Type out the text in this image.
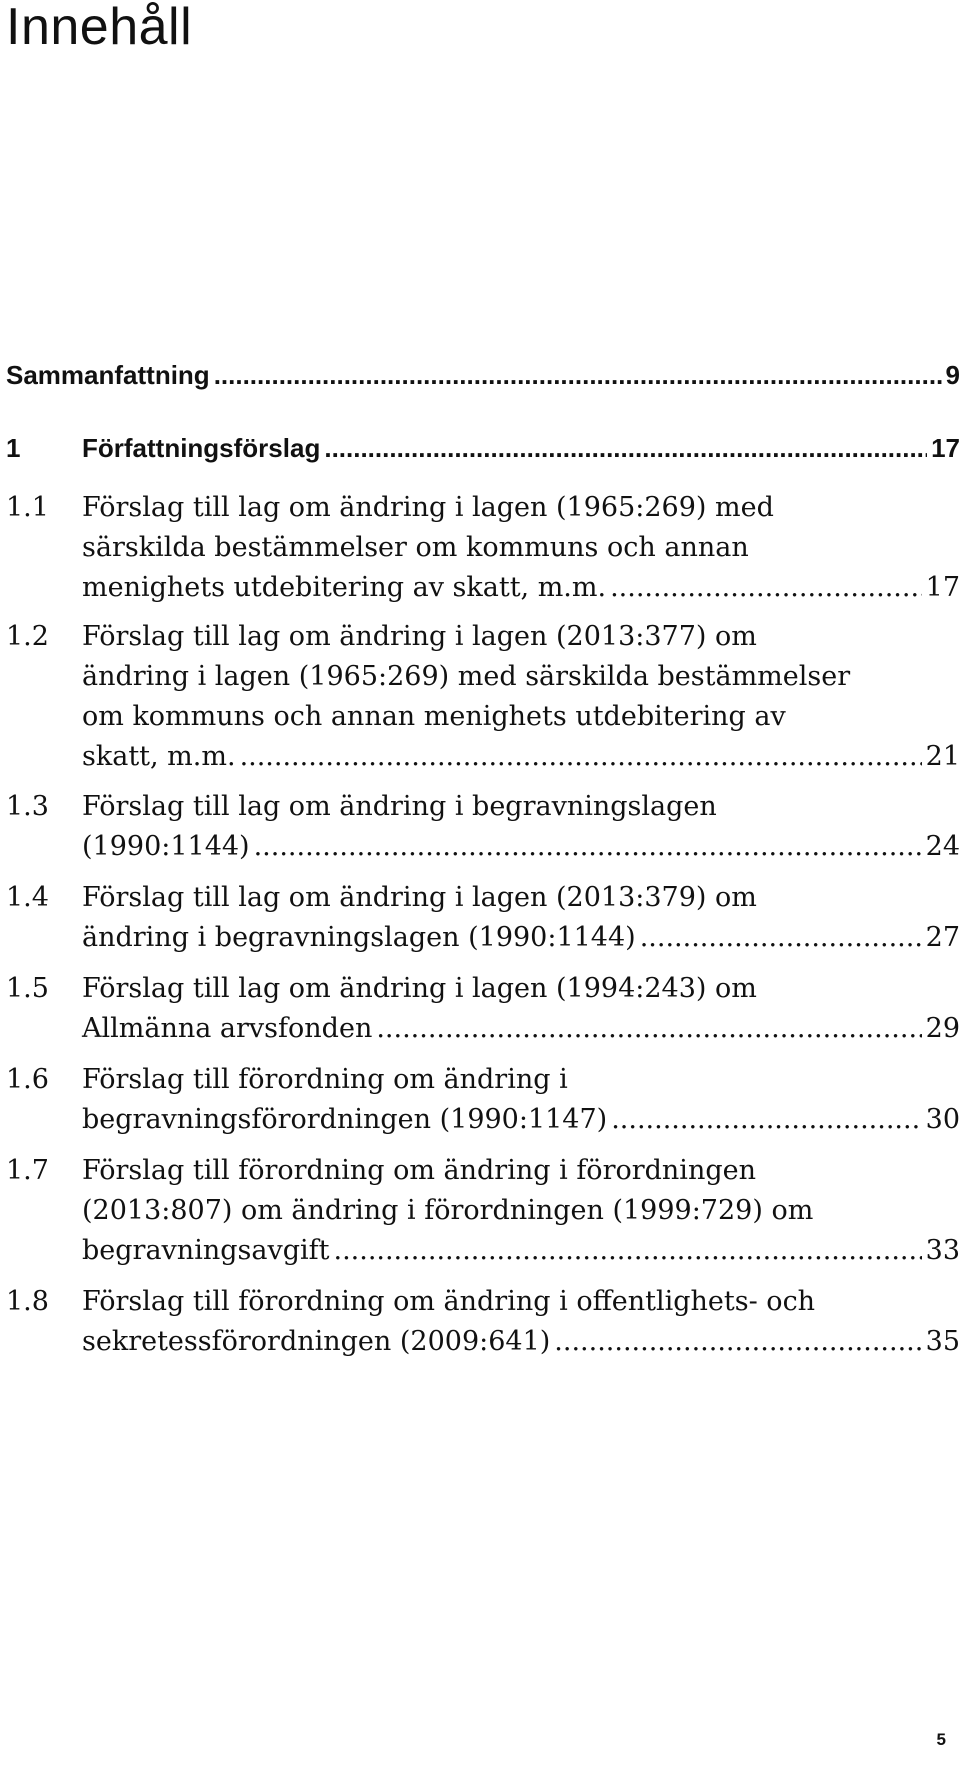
Innehåll
Sammanfattning .....	9
1 Författningsförslag .....	17
1.1 Förslag till lag om ändring i lagen (1965:269) med
särskilda bestämmelser om kommuns och annan
menighets utdebitering av skatt, m.m. .....	17
1.2 Förslag till lag om ändring i lagen (2013:377) om
ändring i lagen (1965:269) med särskilda bestämmelser
om kommuns och annan menighets utdebitering av
skatt, m.m. .....	21
1.3 Förslag till lag om ändring i begravningslagen
(1990:1144) .....	24
1.4 Förslag till lag om ändring i lagen (2013:379) om
ändring i begravningslagen (1990:1144) .....	27
1.5 Förslag till lag om ändring i lagen (1994:243) om
Allmänna arvsfonden .....	29
1.6 Förslag till förordning om ändring i
begravningsförordningen (1990:1147) .....	30
1.7 Förslag till förordning om ändring i förordningen
(2013:807) om ändring i förordningen (1999:729) om
begravningsavgift .....	33
1.8 Förslag till förordning om ändring i offentlighets- och
sekretessförordningen (2009:641) .....	35
5
